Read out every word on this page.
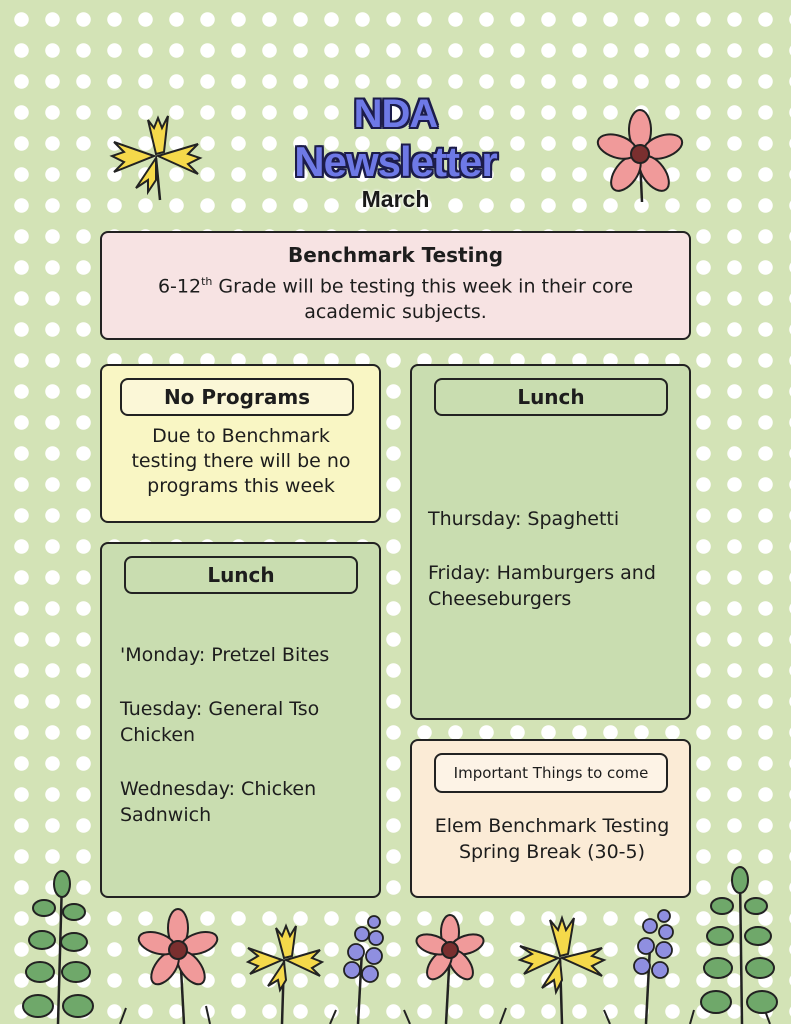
NDA
Newsletter
March
Benchmark Testing
6-12th Grade will be testing this week in their core academic subjects.
No Programs
Due to Benchmark testing there will be no programs this week
Lunch
'Monday: Pretzel Bites
Tuesday: General Tso Chicken
Wednesday: Chicken Sadnwich
Lunch
Thursday: Spaghetti
Friday: Hamburgers and Cheeseburgers
Important Things to come
Elem Benchmark Testing
Spring Break (30-5)
